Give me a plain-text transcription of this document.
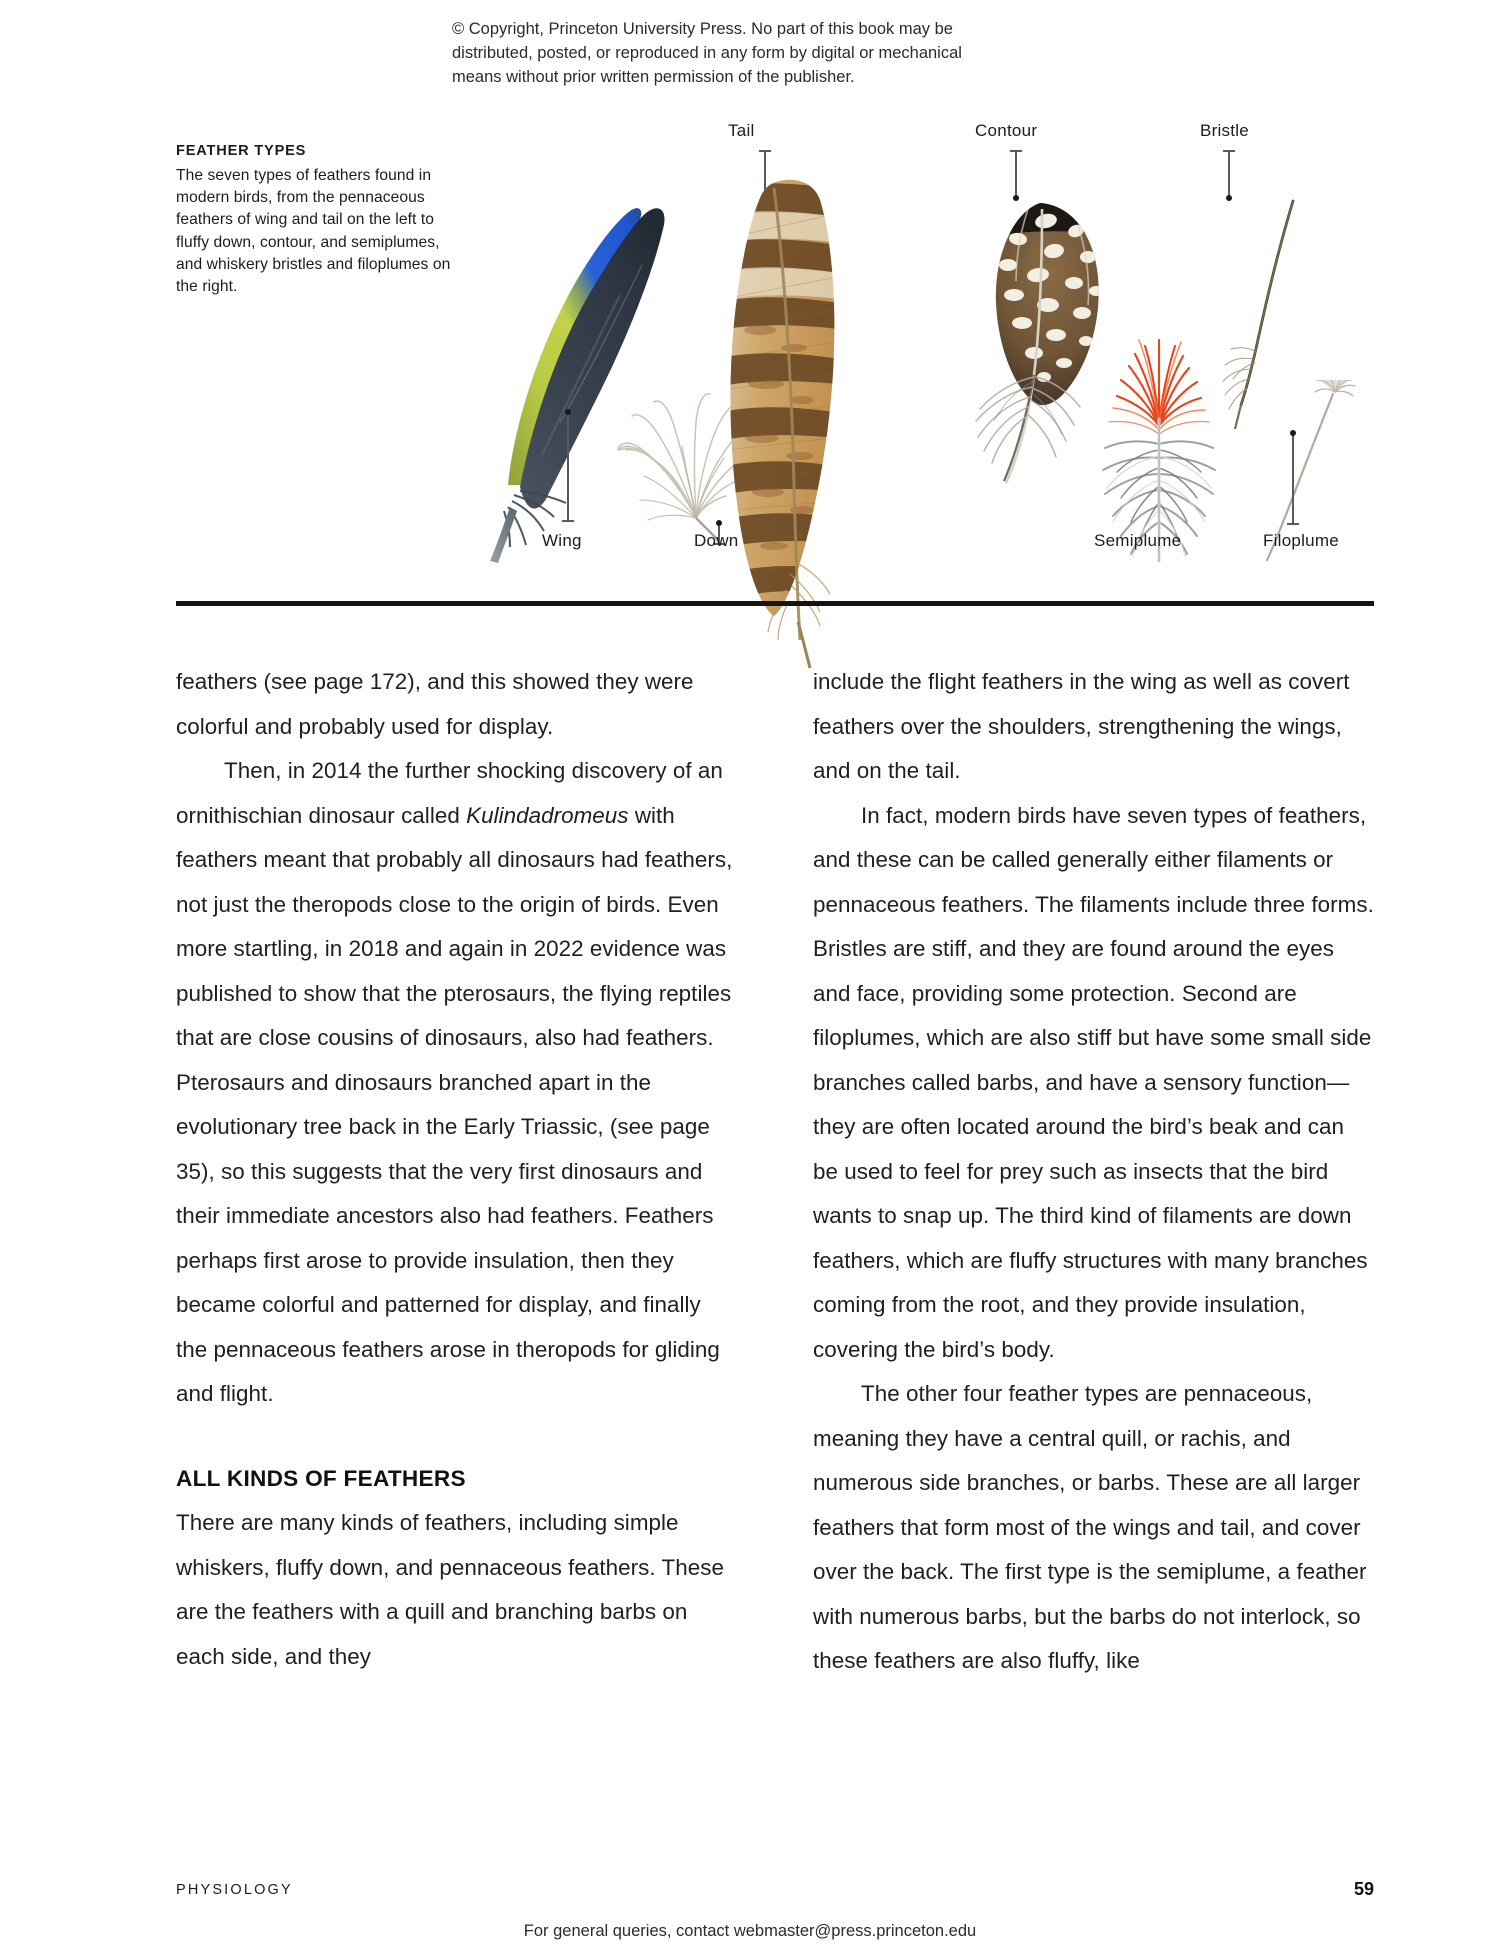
© Copyright, Princeton University Press. No part of this book may be
distributed, posted, or reproduced in any form by digital or mechanical
means without prior written permission of the publisher.
FEATHER TYPES
The seven types of feathers found in modern birds, from the pennaceous feathers of wing and tail on the left to fluffy down, contour, and semiplumes, and whiskery bristles and filoplumes on the right.
Wing	Down
Tail	Contour
Semiplume
Bristle
Filoplume

feathers (see page 172), and this showed they were colorful and probably used for display.

Then, in 2014 the further shocking discovery of an ornithischian dinosaur called Kulindadromeus with feathers meant that probably all dinosaurs had feathers, not just the theropods close to the origin of birds. Even more startling, in 2018 and again in 2022 evidence was published to show that the pterosaurs, the flying reptiles that are close cousins of dinosaurs, also had feathers. Pterosaurs and dinosaurs branched apart in the evolutionary tree back in the Early Triassic, (see page 35), so this suggests that the very first dinosaurs and their immediate ancestors also had feathers. Feathers perhaps first arose to provide insulation, then they became colorful and patterned for display, and finally the pennaceous feathers arose in theropods for gliding and flight.

ALL KINDS OF FEATHERS

There are many kinds of feathers, including simple whiskers, fluffy down, and pennaceous feathers. These are the feathers with a quill and branching barbs on each side, and they

include the flight feathers in the wing as well as covert feathers over the shoulders, strengthening the wings, and on the tail.

In fact, modern birds have seven types of feathers, and these can be called generally either filaments or pennaceous feathers. The filaments include three forms. Bristles are stiff, and they are found around the eyes and face, providing some protection. Second are filoplumes, which are also stiff but have some small side branches called barbs, and have a sensory function—they are often located around the bird’s beak and can be used to feel for prey such as insects that the bird wants to snap up. The third kind of filaments are down feathers, which are fluffy structures with many branches coming from the root, and they provide insulation, covering the bird’s body.

The other four feather types are pennaceous, meaning they have a central quill, or rachis, and numerous side branches, or barbs. These are all larger feathers that form most of the wings and tail, and cover over the back. The first type is the semiplume, a feather with numerous barbs, but the barbs do not interlock, so these feathers are also fluffy, like

PHYSIOLOGY	59
For general queries, contact webmaster@press.princeton.edu
